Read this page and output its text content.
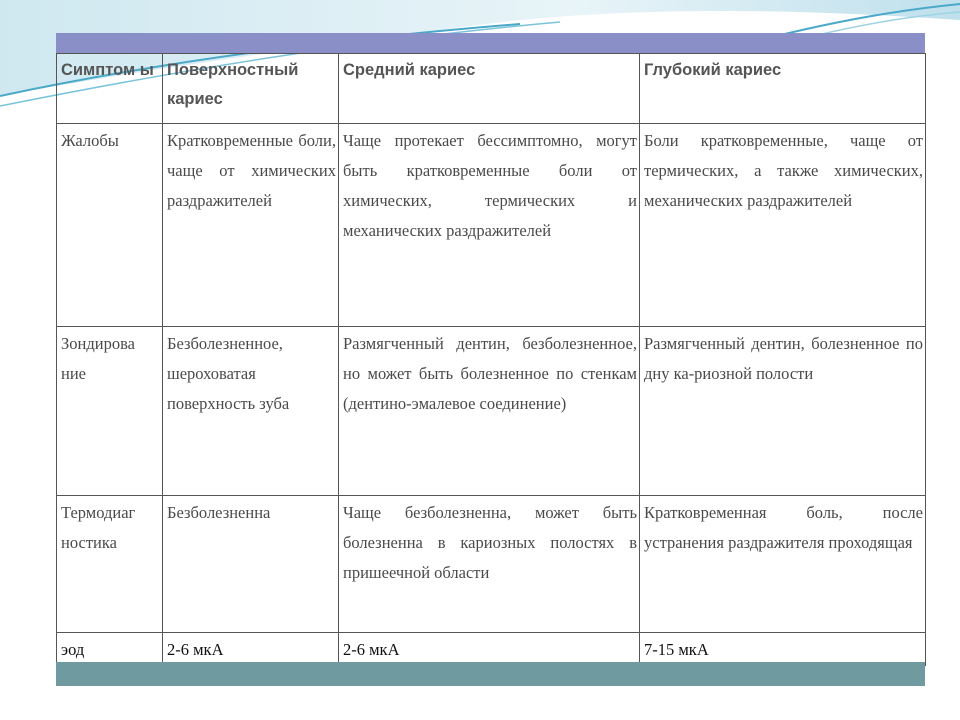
Симптом ы	Поверхностный кариес	Средний кариес	Глубокий кариес
Жалобы	Кратковременные боли, чаще от химических раздражителей	Чаще протекает бессимптомно, могут быть кратковременные боли от химических, термических и механических раздражителей	Боли кратковременные, чаще от термических, а также химических, механических раздражителей
Зондирова ние	Безболезненное, шероховатая поверхность зуба	Размягченный дентин, безболезненное, но может быть болезненное по стенкам (дентино-эмалевое соединение)	Размягченный дентин, болезненное по дну ка-риозной полости
Термодиаг ностика	Безболезненна	Чаще безболезненна, может быть болезненна в кариозных полостях в пришеечной области	Кратковременная боль, после устранения раздражителя проходящая
эод	2-6 мкА	2-6 мкА	7-15 мкА
